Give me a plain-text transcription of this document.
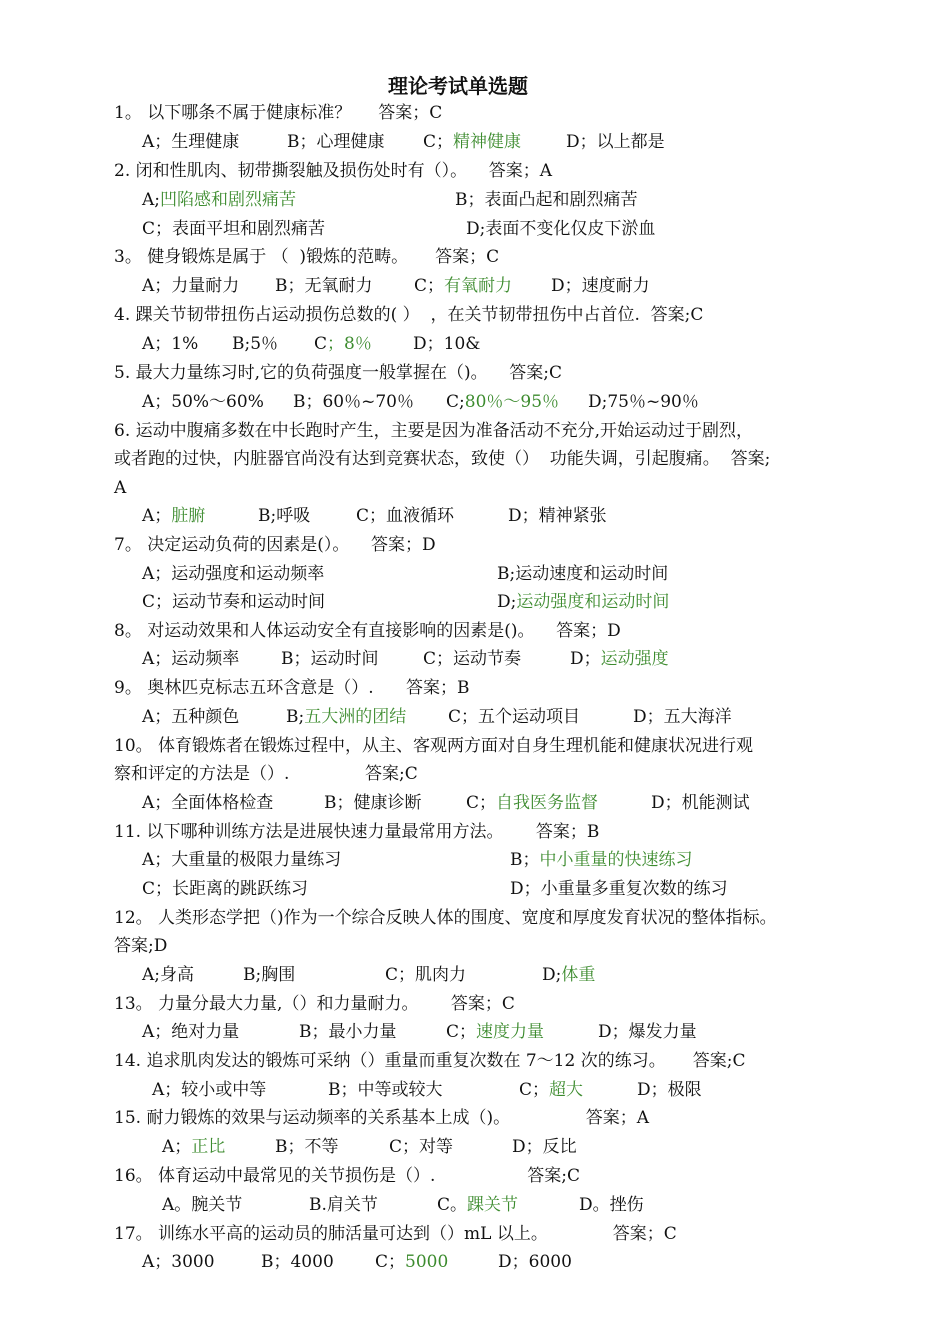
理论考试单选题
1。 以下哪条不属于健康标准？     答案；C
A；生理健康	B；心理健康 C；精神健康	D；以上都是
2. 闭和性肌肉、韧带撕裂触及损伤处时有（）。    答案；A
A;凹陷感和剧烈痛苦	B；表面凸起和剧烈痛苦
C；表面平坦和剧烈痛苦	D;表面不变化仅皮下淤血
3。 健身锻炼是属于 （  )锻炼的范畴。     答案；C
A；力量耐力 B；无氧耐力 C；有氧耐力 D；速度耐力
4. 踝关节韧带扭伤占运动损伤总数的( ）  ，在关节韧带扭伤中占首位.  答案;C
A；1% B;5％ C；8％ D；10&
5. 最大力量练习时,它的负荷强度一般掌握在（)。    答案;C
A；50%～60% B；60％~70％ C;80％～95％ D;75％~90％
6. 运动中腹痛多数在中长跑时产生，主要是因为准备活动不充分,开始运动过于剧烈，
或者跑的过快，内脏器官尚没有达到竞赛状态，致使（）  功能失调，引起腹痛。  答案;
A
A；脏腑	B;呼吸	C；血液循环	D；精神紧张
7。 决定运动负荷的因素是(）。    答案；D
A；运动强度和运动频率	B;运动速度和运动时间
C；运动节奏和运动时间	D;运动强度和运动时间
8。 对运动效果和人体运动安全有直接影响的因素是()。    答案；D
A；运动频率 B；运动时间	C；运动节奏	D；运动强度
9。 奥林匹克标志五环含意是（）.      答案；B
A；五种颜色	B;五大洲的团结 C；五个运动项目	D；五大海洋
10。 体育锻炼者在锻炼过程中，从主、客观两方面对自身生理机能和健康状况进行观
察和评定的方法是（）.              答案;C
A；全面体格检查	B；健康诊断	C；自我医务监督	D；机能测试
11. 以下哪种训练方法是进展快速力量最常用方法。      答案；B
A；大重量的极限力量练习	B；中小重量的快速练习
C；长距离的跳跃练习	D；小重量多重复次数的练习
12。 人类形态学把（)作为一个综合反映人体的围度、宽度和厚度发育状况的整体指标。
答案;D
A;身高	B;胸围	C；肌肉力	D;体重
13。 力量分最大力量,（）和力量耐力。      答案；C
A；绝对力量	B；最小力量	C；速度力量	D；爆发力量
14. 追求肌肉发达的锻炼可采纳（）重量而重复次数在 7～12 次的练习。     答案;C
A；较小或中等	B；中等或较大	C；超大	D；极限
15. 耐力锻炼的效果与运动频率的关系基本上成（)。              答案；A
A；正比	B；不等	C；对等	D；反比
16。 体育运动中最常见的关节损伤是（）.                 答案;C
A。腕关节	B.肩关节	C。踝关节	D。挫伤
17。 训练水平高的运动员的肺活量可达到（）mL 以上。            答案；C
A；3000	B；4000 C；5000	D；6000
